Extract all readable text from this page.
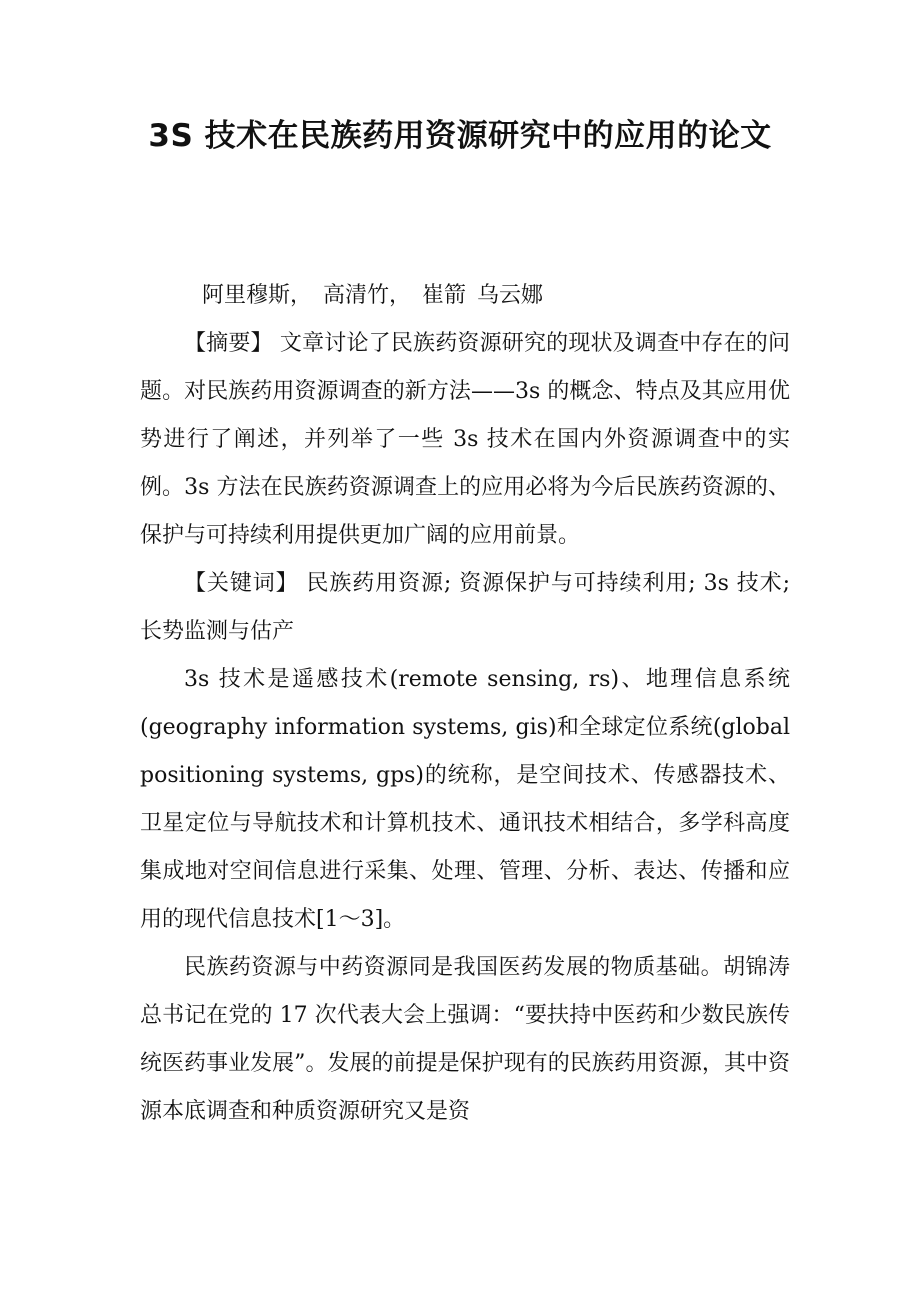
3S 技术在民族药用资源研究中的应用的论文

阿里穆斯， 高清竹， 崔箭 乌云娜

【摘要】 文章讨论了民族药资源研究的现状及调查中存在的问题。对民族药用资源调查的新方法——3s 的概念、特点及其应用优势进行了阐述，并列举了一些 3s 技术在国内外资源调查中的实例。3s 方法在民族药资源调查上的应用必将为今后民族药资源的、保护与可持续利用提供更加广阔的应用前景。

【关键词】 民族药用资源; 资源保护与可持续利用; 3s 技术; 长势监测与估产

3s 技术是遥感技术(remote sensing, rs)、地理信息系统(geography information systems, gis)和全球定位系统(global positioning systems, gps)的统称，是空间技术、传感器技术、卫星定位与导航技术和计算机技术、通讯技术相结合，多学科高度集成地对空间信息进行采集、处理、管理、分析、表达、传播和应用的现代信息技术[1～3]。

民族药资源与中药资源同是我国医药发展的物质基础。胡锦涛总书记在党的 17 次代表大会上强调：“要扶持中医药和少数民族传统医药事业发展”。发展的前提是保护现有的民族药用资源，其中资源本底调查和种质资源研究又是资
